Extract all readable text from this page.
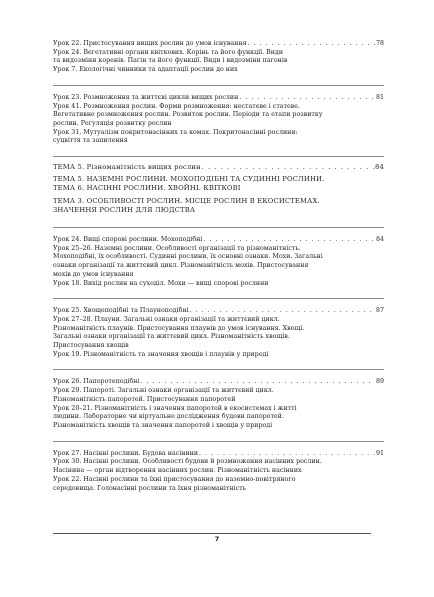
Урок 22. Пристосування вищих рослин до умов існування . . .	78
Урок 24. Вегетативні органи квіткових. Корінь та його функції. Види
та видозміни коренів. Пагін та його функції. Види і видозміни пагонів
Урок 7. Екологічні чинники та адаптації рослин до них
Урок 23. Розмноження та життєві цикли вищих рослин . . .	81
Урок 41. Розмноження рослин. Форми розмноження: нестатеве і статеве.
Вегетативне розмноження рослин. Розвиток рослин. Періоди та етапи розвитку
рослин. Регуляція розвитку рослин
Урок 31. Мутуалізм покритонасінних та комах. Покритонасінні рослини:
суцвіття та запилення
ТЕМА 5. Різноманітність вищих рослин . . .	84
ТЕМА 5. НАЗЕМНІ РОСЛИНИ. МОХОПОДІБНІ ТА СУДИННІ РОСЛИНИ.
ТЕМА 6. НАСІННІ РОСЛИНИ. ХВОЙНІ. КВІТКОВІ
ТЕМА 3. ОСОБЛИВОСТІ РОСЛИН. МІСЦЕ РОСЛИН В ЕКОСИСТЕМАХ.
ЗНАЧЕННЯ РОСЛИН ДЛЯ ЛЮДСТВА
Урок 24. Вищі спорові рослини. Мохоподібні . . .	84
Урок 25–26. Наземні рослини. Особливості організації та різноманітність.
Мохоподібні, їх особливості. Судинні рослини, їх основні ознаки. Мохи. Загальні
ознаки організації та життєвий цикл. Різноманітність мохів. Пристосування
мохів до умов існування
Урок 18. Вихід рослин на суходіл. Мохи — вищі спорові рослини
Урок 25. Хвощеподібні та Плауноподібні . . .	87
Урок 27–28. Плауни. Загальні ознаки організації та життєвий цикл.
Різноманітність плаунів. Пристосування плаунів до умов існування. Хвощі.
Загальні ознаки організації та життєвий цикл. Різноманітність хвощів.
Пристосування хвощів
Урок 19. Різноманітність та значення хвощів і плаунів у природі
Урок 26. Папоротеподібні . . .	89
Урок 29. Папороті. Загальні ознаки організації та життєвий цикл.
Різноманітність папоротей. Пристосування папоротей
Урок 20–21. Різноманітність і значення папоротей в екосистемах і житті
людини. Лабораторне чи віртуальне дослідження будови папоротей.
Різноманітність хвощів та значення папоротей і хвощів у природі
Урок 27. Насінні рослини. Будова насінини . . .	91
Урок 30. Насінні рослини. Особливості будови й розмноження насінних рослин.
Насінина — орган відтворення насінних рослин. Різноманітність насінних
Урок 22. Насінні рослини та їхні пристосування до наземно-повітряного
середовища. Голонасінні рослини та їхня різноманітність
7
